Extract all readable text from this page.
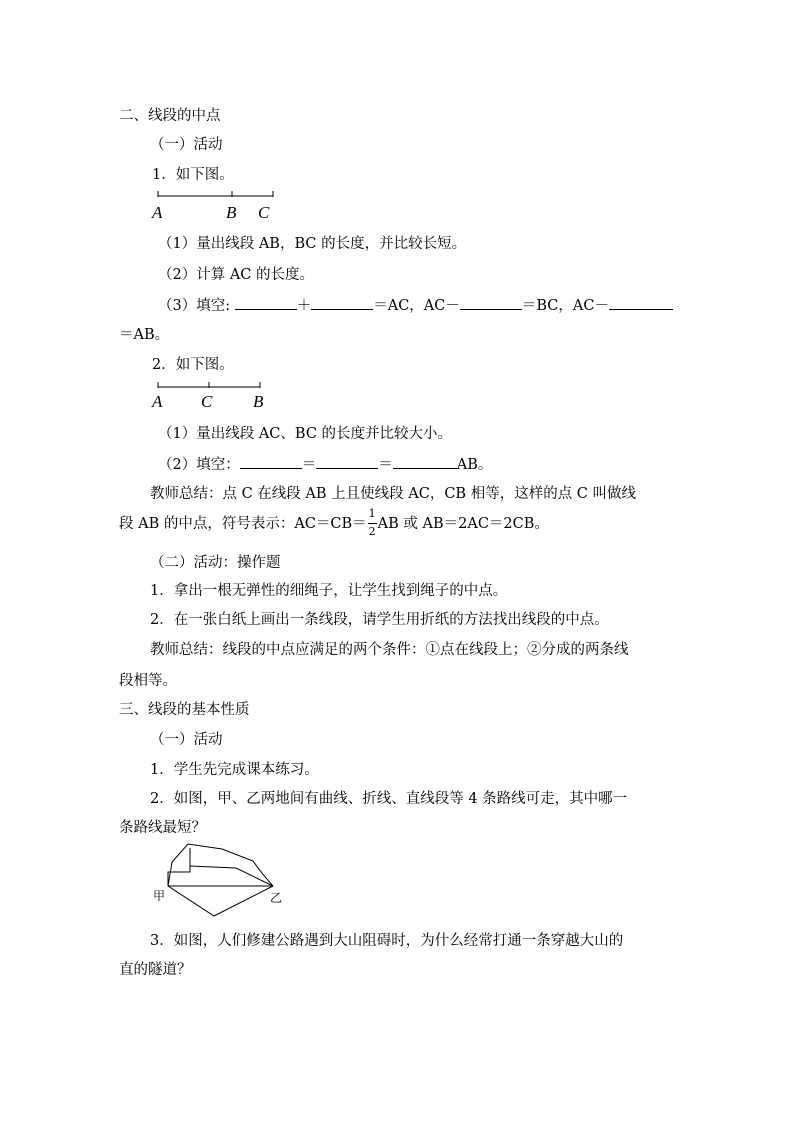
二、线段的中点
（一）活动
1．如下图。
A	B C
A C B
甲	乙
（1）量出线段 AB，BC 的长度，并比较长短。
（2）计算 AC 的长度。
（3）填空:	＋	＝AC，AC－	＝BC，AC－
＝AB。
2．如下图。
（1）量出线段 AC、BC 的长度并比较大小。
（2）填空：	＝	＝	AB。
教师总结：点 C 在线段 AB 上且使线段 AC，CB 相等，这样的点 C 叫做线
段 AB 的中点，符号表示：$AC=CB= \frac{1}{2}$ AB 或 AB＝2AC＝2CB。
（二）活动：操作题
1．拿出一根无弹性的细绳子，让学生找到绳子的中点。
2．在一张白纸上画出一条线段，请学生用折纸的方法找出线段的中点。
教师总结：线段的中点应满足的两个条件：①点在线段上；②分成的两条线
段相等。
三、线段的基本性质
（一）活动
1．学生先完成课本练习。
2．如图，甲、乙两地间有曲线、折线、直线段等 4 条路线可走，其中哪一
条路线最短？
3．如图，人们修建公路遇到大山阻碍时，为什么经常打通一条穿越大山的
直的隧道？
